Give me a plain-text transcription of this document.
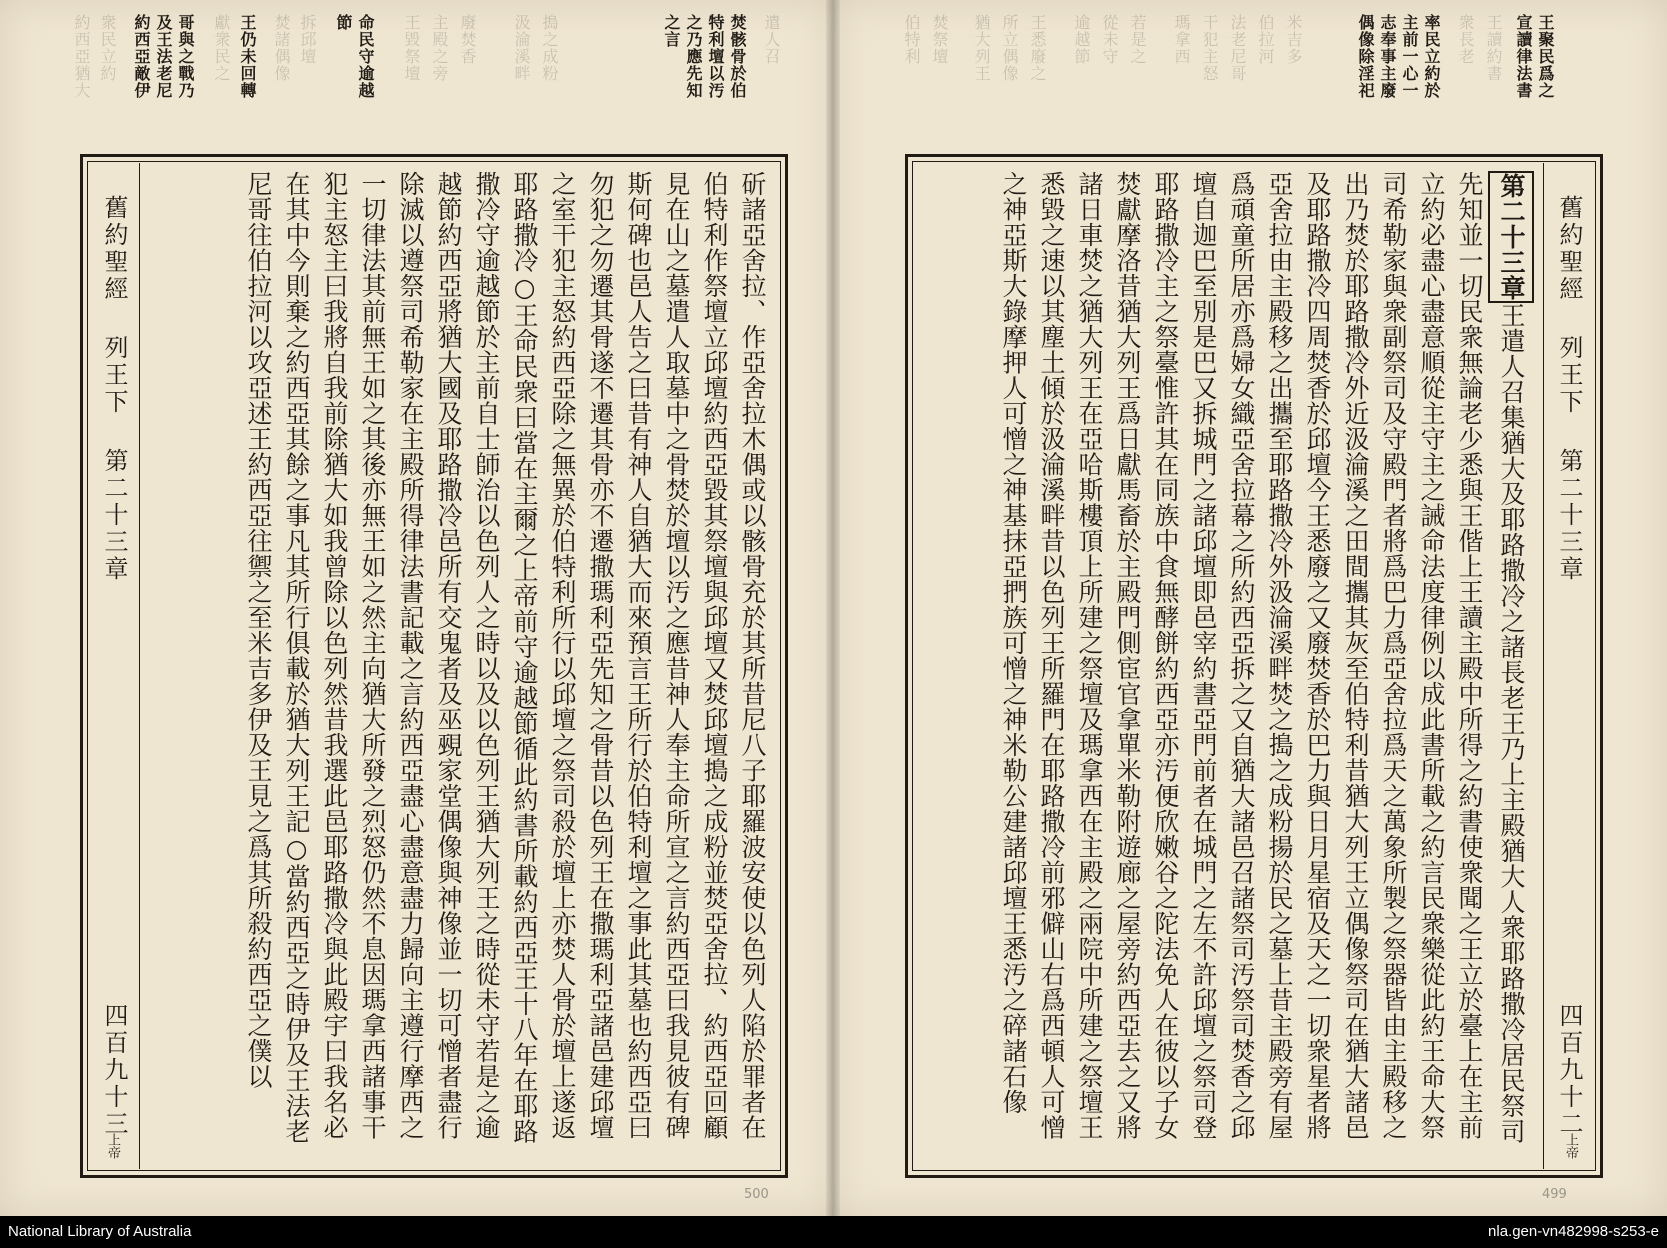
約西亞猶大 衆民立約 約西亞敵伊 及王法老尼 哥與之戰乃 獻衆民之 王仍未回轉 焚諸偶像 拆邱壇 節 命民守逾越 王毀祭壇 主殿之旁 廢焚香 汲淪溪畔 搗之成粉	之言 之乃應先知 特利壇以汚 焚骸骨於伯 遣人召	伯特利 焚祭壇 猶大列王 所立偶像 王悉廢之 逾越節 從未守 若是之 瑪拿西 干犯主怒 法老尼哥 伯拉河 米吉多	偶像除淫祀 志奉事主廢 主前一心一 率民立約於 衆長老 王讀約書 宣讀律法書 王聚民爲之
舊約聖經列王下第二十三章四百九十三	斫諸亞舍拉、作亞舍拉木偶或以骸骨充於其所昔尼八子耶羅波安使以色列人陷於罪者在伯特利作祭壇立邱壇約西亞毀其祭壇與邱壇又焚邱壇搗之成粉並焚亞舍拉、約西亞回顧見在山之墓遣人取墓中之骨焚於壇以汚之應昔神人奉主命所宣之言約西亞曰我見彼有碑斯何碑也邑人告之曰昔有神人自猶大而來預言王所行於伯特利壇之事此其墓也約西亞曰勿犯之勿遷其骨遂不遷其骨亦不遷撒瑪利亞先知之骨昔以色列王在撒瑪利亞諸邑建邱壇之室干犯主怒約西亞除之無異於伯特利所行以邱壇之祭司殺於壇上亦焚人骨於壇上遂返耶路撒冷○王命民衆曰當在主爾之上帝前守逾越節循此約書所載約西亞王十八年在耶路撒冷守逾越節於主前自士師治以色列人之時以及以色列王猶大列王之時從未守若是之逾越節約西亞將猶大國及耶路撒冷邑所有交鬼者及巫覡家堂偶像與神像並一切可憎者盡行除滅以遵祭司希勒家在主殿所得律法書記載之言約西亞盡心盡意盡力歸向主遵行摩西之一切律法其前無王如之其後亦無王如之然主向猶大所發之烈怒仍然不息因瑪拿西諸事干犯主怒主曰我將自我前除猶大如我曾除以色列然昔我選此邑耶路撒冷與此殿宇曰我名必在其中今則棄之約西亞其餘之事凡其所行俱載於猶大列王記○當約西亞之時伊及王法老尼哥往伯拉河以攻亞述王約西亞往禦之至米吉多伊及王見之爲其所殺約西亞之僕以

上帝
舊約聖經列王下第二十三章四百九十二

第二十三章王遣人召集猶大及耶路撒冷之諸長老王乃上主殿猶大人衆耶路撒冷居民祭司先知並一切民衆無論老少悉與王偕上王讀主殿中所得之約書使衆聞之王立於臺上在主前立約必盡心盡意順從主守主之誡命法度律例以成此書所載之約言民衆樂從此約王命大祭司希勒家與衆副祭司及守殿門者將爲巴力爲亞舍拉爲天之萬象所製之祭器皆由主殿移之出乃焚於耶路撒冷外近汲淪溪之田間攜其灰至伯特利昔猶大列王立偶像祭司在猶大諸邑及耶路撒冷四周焚香於邱壇今王悉廢之又廢焚香於巴力與日月星宿及天之一切衆星者將亞舍拉由主殿移之出攜至耶路撒冷外汲淪溪畔焚之搗之成粉揚於民之墓上昔主殿旁有屋爲頑童所居亦爲婦女織亞舍拉幕之所約西亞拆之又自猶大諸邑召諸祭司汚祭司焚香之邱壇自迦巴至別是巴又拆城門之諸邱壇即邑宰約書亞門前者在城門之左不許邱壇之祭司登耶路撒冷主之祭臺惟許其在同族中食無酵餅約西亞亦汚便欣嫩谷之陀法免人在彼以子女焚獻摩洛昔猶大列王爲日獻馬畜於主殿門側宦官拿單米勒附遊廊之屋旁約西亞去之又將諸日車焚之猶大列王在亞哈斯樓頂上所建之祭壇及瑪拿西在主殿之兩院中所建之祭壇王悉毀之速以其塵土傾於汲淪溪畔昔以色列王所羅門在耶路撒冷前邪僻山右爲西頓人可憎之神亞斯大錄摩押人可憎之神基抹亞捫族可憎之神米勒公建諸邱壇王悉汚之碎諸石像

上帝
500	499
National Library of Australia	nla.gen-vn482998-s253-e
